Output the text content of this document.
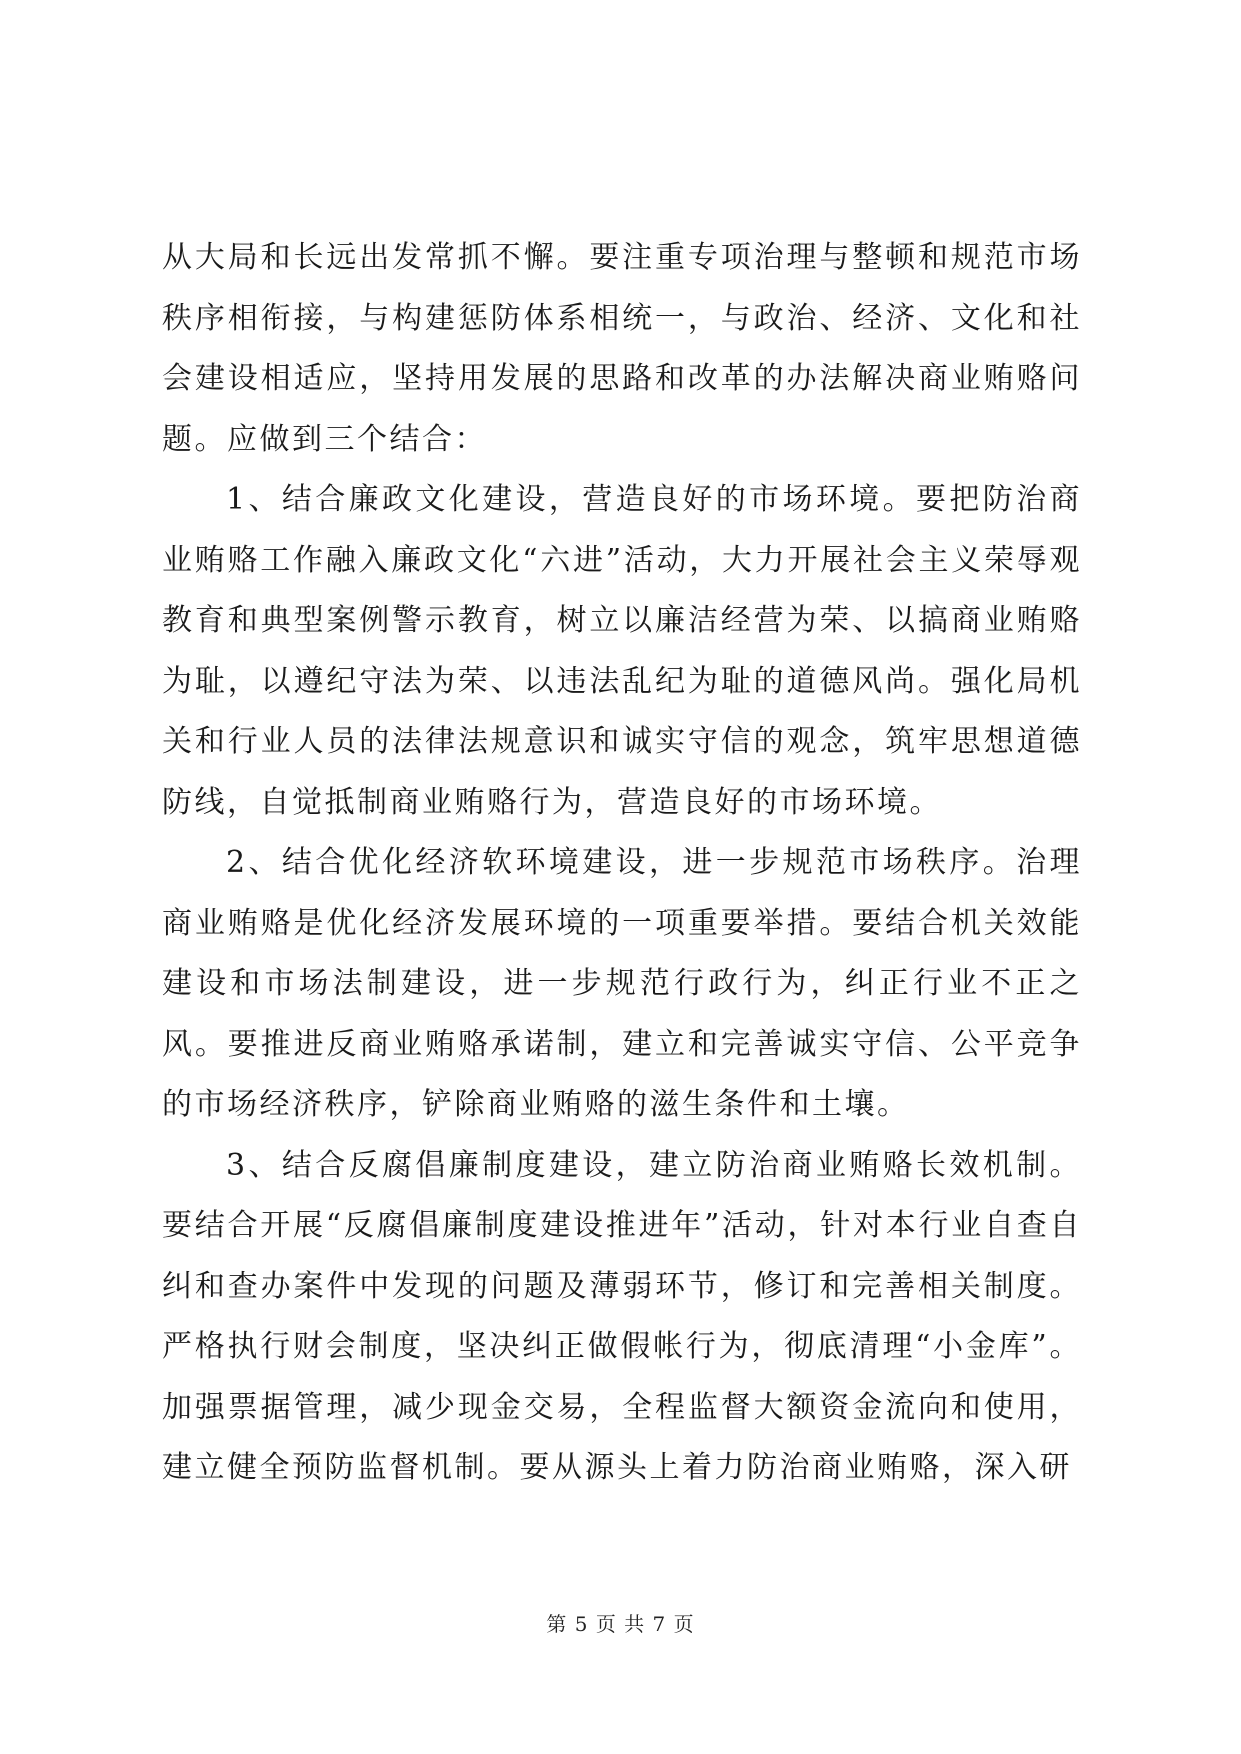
从大局和长远出发常抓不懈。要注重专项治理与整顿和规范市场秩序相衔接，与构建惩防体系相统一，与政治、经济、文化和社会建设相适应，坚持用发展的思路和改革的办法解决商业贿赂问题。应做到三个结合：

1、结合廉政文化建设，营造良好的市场环境。要把防治商业贿赂工作融入廉政文化“六进”活动，大力开展社会主义荣辱观教育和典型案例警示教育，树立以廉洁经营为荣、以搞商业贿赂为耻，以遵纪守法为荣、以违法乱纪为耻的道德风尚。强化局机关和行业人员的法律法规意识和诚实守信的观念，筑牢思想道德防线，自觉抵制商业贿赂行为，营造良好的市场环境。

2、结合优化经济软环境建设，进一步规范市场秩序。治理商业贿赂是优化经济发展环境的一项重要举措。要结合机关效能建设和市场法制建设，进一步规范行政行为，纠正行业不正之风。要推进反商业贿赂承诺制，建立和完善诚实守信、公平竞争的市场经济秩序，铲除商业贿赂的滋生条件和土壤。

3、结合反腐倡廉制度建设，建立防治商业贿赂长效机制。要结合开展“反腐倡廉制度建设推进年”活动，针对本行业自查自纠和查办案件中发现的问题及薄弱环节，修订和完善相关制度。严格执行财会制度，坚决纠正做假帐行为，彻底清理“小金库”。加强票据管理，减少现金交易，全程监督大额资金流向和使用，建立健全预防监督机制。要从源头上着力防治商业贿赂，深入研

第 5 页 共 7 页
